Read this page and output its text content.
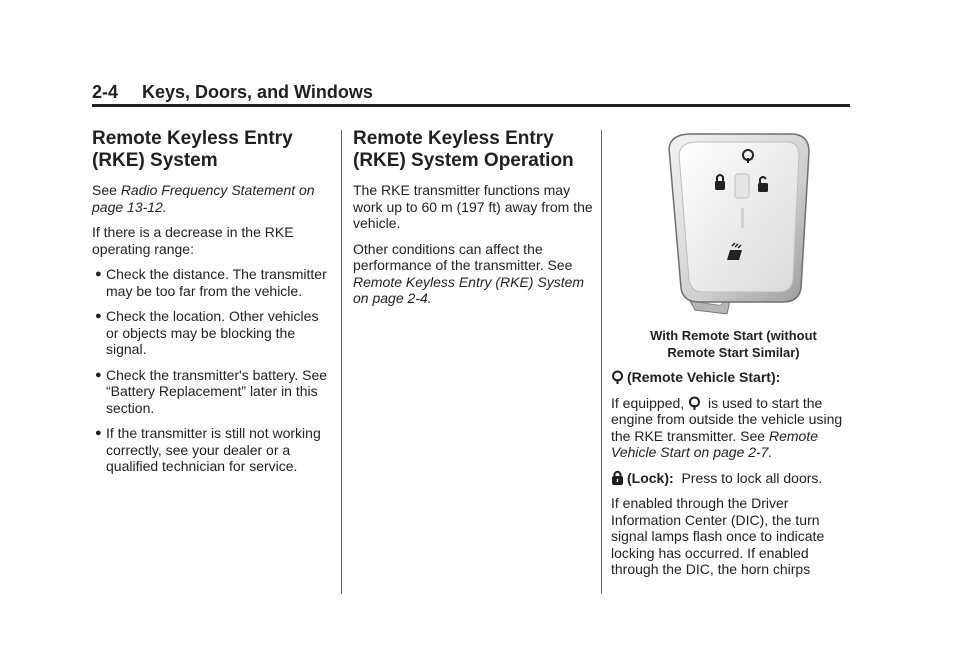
2-4 Keys, Doors, and Windows
Remote Keyless Entry (RKE) System

See Radio Frequency Statement on page 13-12.

If there is a decrease in the RKE operating range:

● Check the distance. The transmitter may be too far from the vehicle.
● Check the location. Other vehicles or objects may be blocking the signal.
● Check the transmitter's battery. See “Battery Replacement” later in this section.
● If the transmitter is still not working correctly, see your dealer or a qualified technician for service.
Remote Keyless Entry (RKE) System Operation

The RKE transmitter functions may work up to 60 m (197 ft) away from the vehicle.

Other conditions can affect the performance of the transmitter. See Remote Keyless Entry (RKE) System on page 2-4.

With Remote Start (without
Remote Start Similar)

(Remote Vehicle Start):

If equipped,  is used to start the engine from outside the vehicle using the RKE transmitter. See Remote Vehicle Start on page 2-7.

(Lock): Press to lock all doors.

If enabled through the Driver Information Center (DIC), the turn signal lamps flash once to indicate locking has occurred. If enabled through the DIC, the horn chirps
